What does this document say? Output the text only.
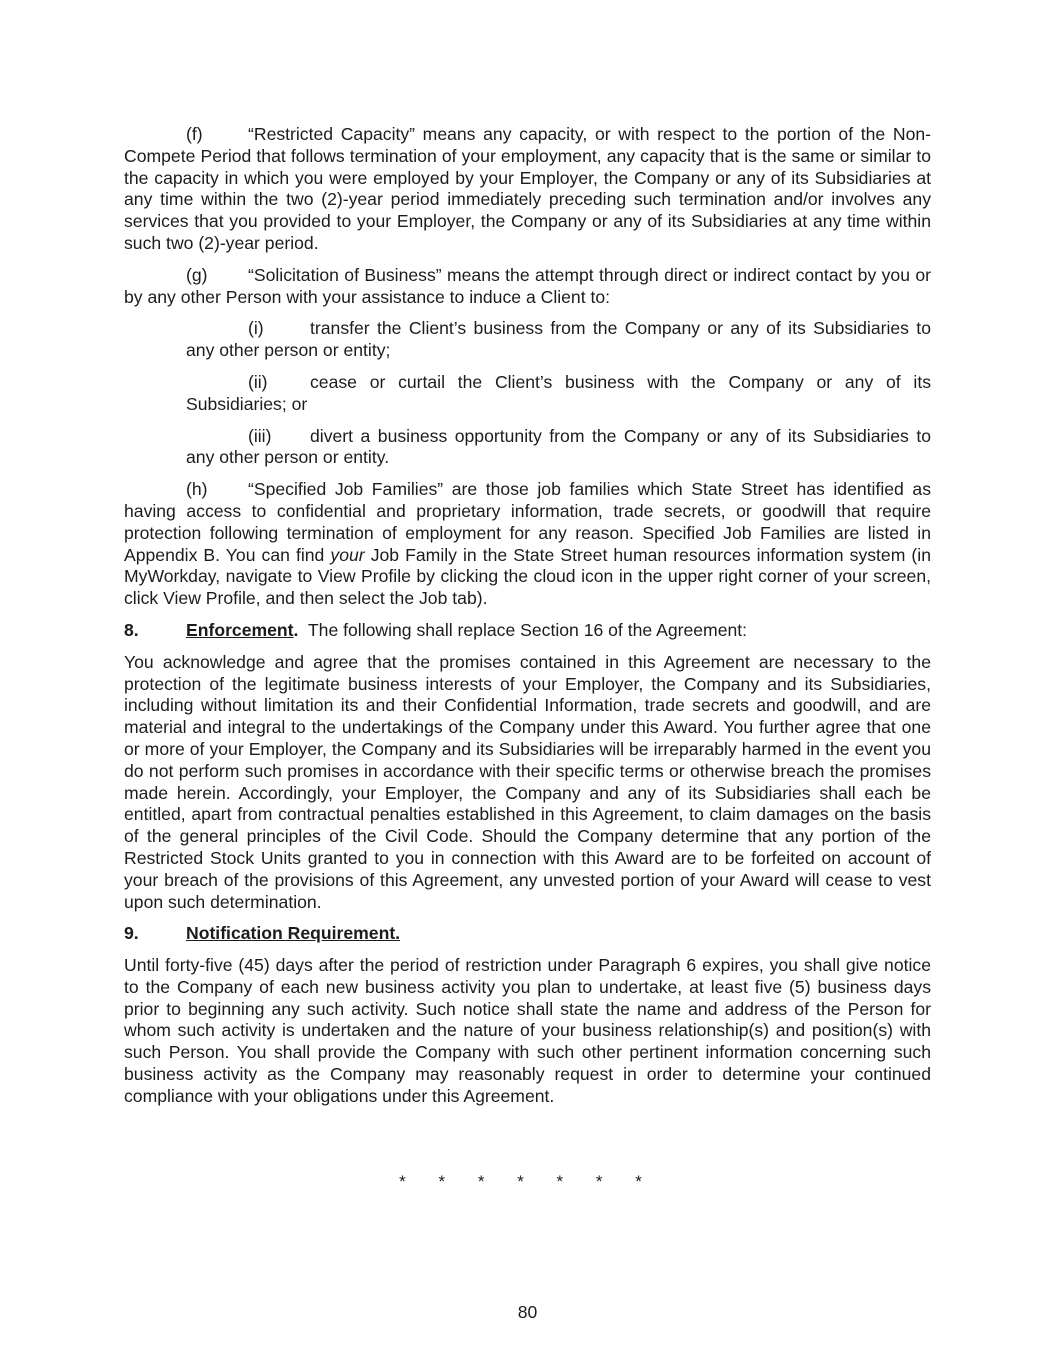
(f)	“Restricted Capacity” means any capacity, or with respect to the portion of the Non-Compete Period that follows termination of your employment, any capacity that is the same or similar to the capacity in which you were employed by your Employer, the Company or any of its Subsidiaries at any time within the two (2)-year period immediately preceding such termination and/or involves any services that you provided to your Employer, the Company or any of its Subsidiaries at any time within such two (2)-year period.

(g) “Solicitation of Business” means the attempt through direct or indirect contact by you or by any other Person with your assistance to induce a Client to:

(i)	transfer the Client’s business from the Company or any of its Subsidiaries to any other person or entity;

(ii) cease or curtail the Client’s business with the Company or any of its Subsidiaries; or

(iii) divert a business opportunity from the Company or any of its Subsidiaries to any other person or entity.

(h) “Specified Job Families” are those job families which State Street has identified as having access to confidential and proprietary information, trade secrets, or goodwill that require protection following termination of employment for any reason. Specified Job Families are listed in Appendix B. You can find your Job Family in the State Street human resources information system (in MyWorkday, navigate to View Profile by clicking the cloud icon in the upper right corner of your screen, click View Profile, and then select the Job tab).

8.	Enforcement. The following shall replace Section 16 of the Agreement:

You acknowledge and agree that the promises contained in this Agreement are necessary to the protection of the legitimate business interests of your Employer, the Company and its Subsidiaries, including without limitation its and their Confidential Information, trade secrets and goodwill, and are material and integral to the undertakings of the Company under this Award. You further agree that one or more of your Employer, the Company and its Subsidiaries will be irreparably harmed in the event you do not perform such promises in accordance with their specific terms or otherwise breach the promises made herein. Accordingly, your Employer, the Company and any of its Subsidiaries shall each be entitled, apart from contractual penalties established in this Agreement, to claim damages on the basis of the general principles of the Civil Code. Should the Company determine that any portion of the Restricted Stock Units granted to you in connection with this Award are to be forfeited on account of your breach of the provisions of this Agreement, any unvested portion of your Award will cease to vest upon such determination.

9.	Notification Requirement.

Until forty-five (45) days after the period of restriction under Paragraph 6 expires, you shall give notice to the Company of each new business activity you plan to undertake, at least five (5) business days prior to beginning any such activity. Such notice shall state the name and address of the Person for whom such activity is undertaken and the nature of your business relationship(s) and position(s) with such Person. You shall provide the Company with such other pertinent information concerning such business activity as the Company may reasonably request in order to determine your continued compliance with your obligations under this Agreement.

* * * * * * *
80
